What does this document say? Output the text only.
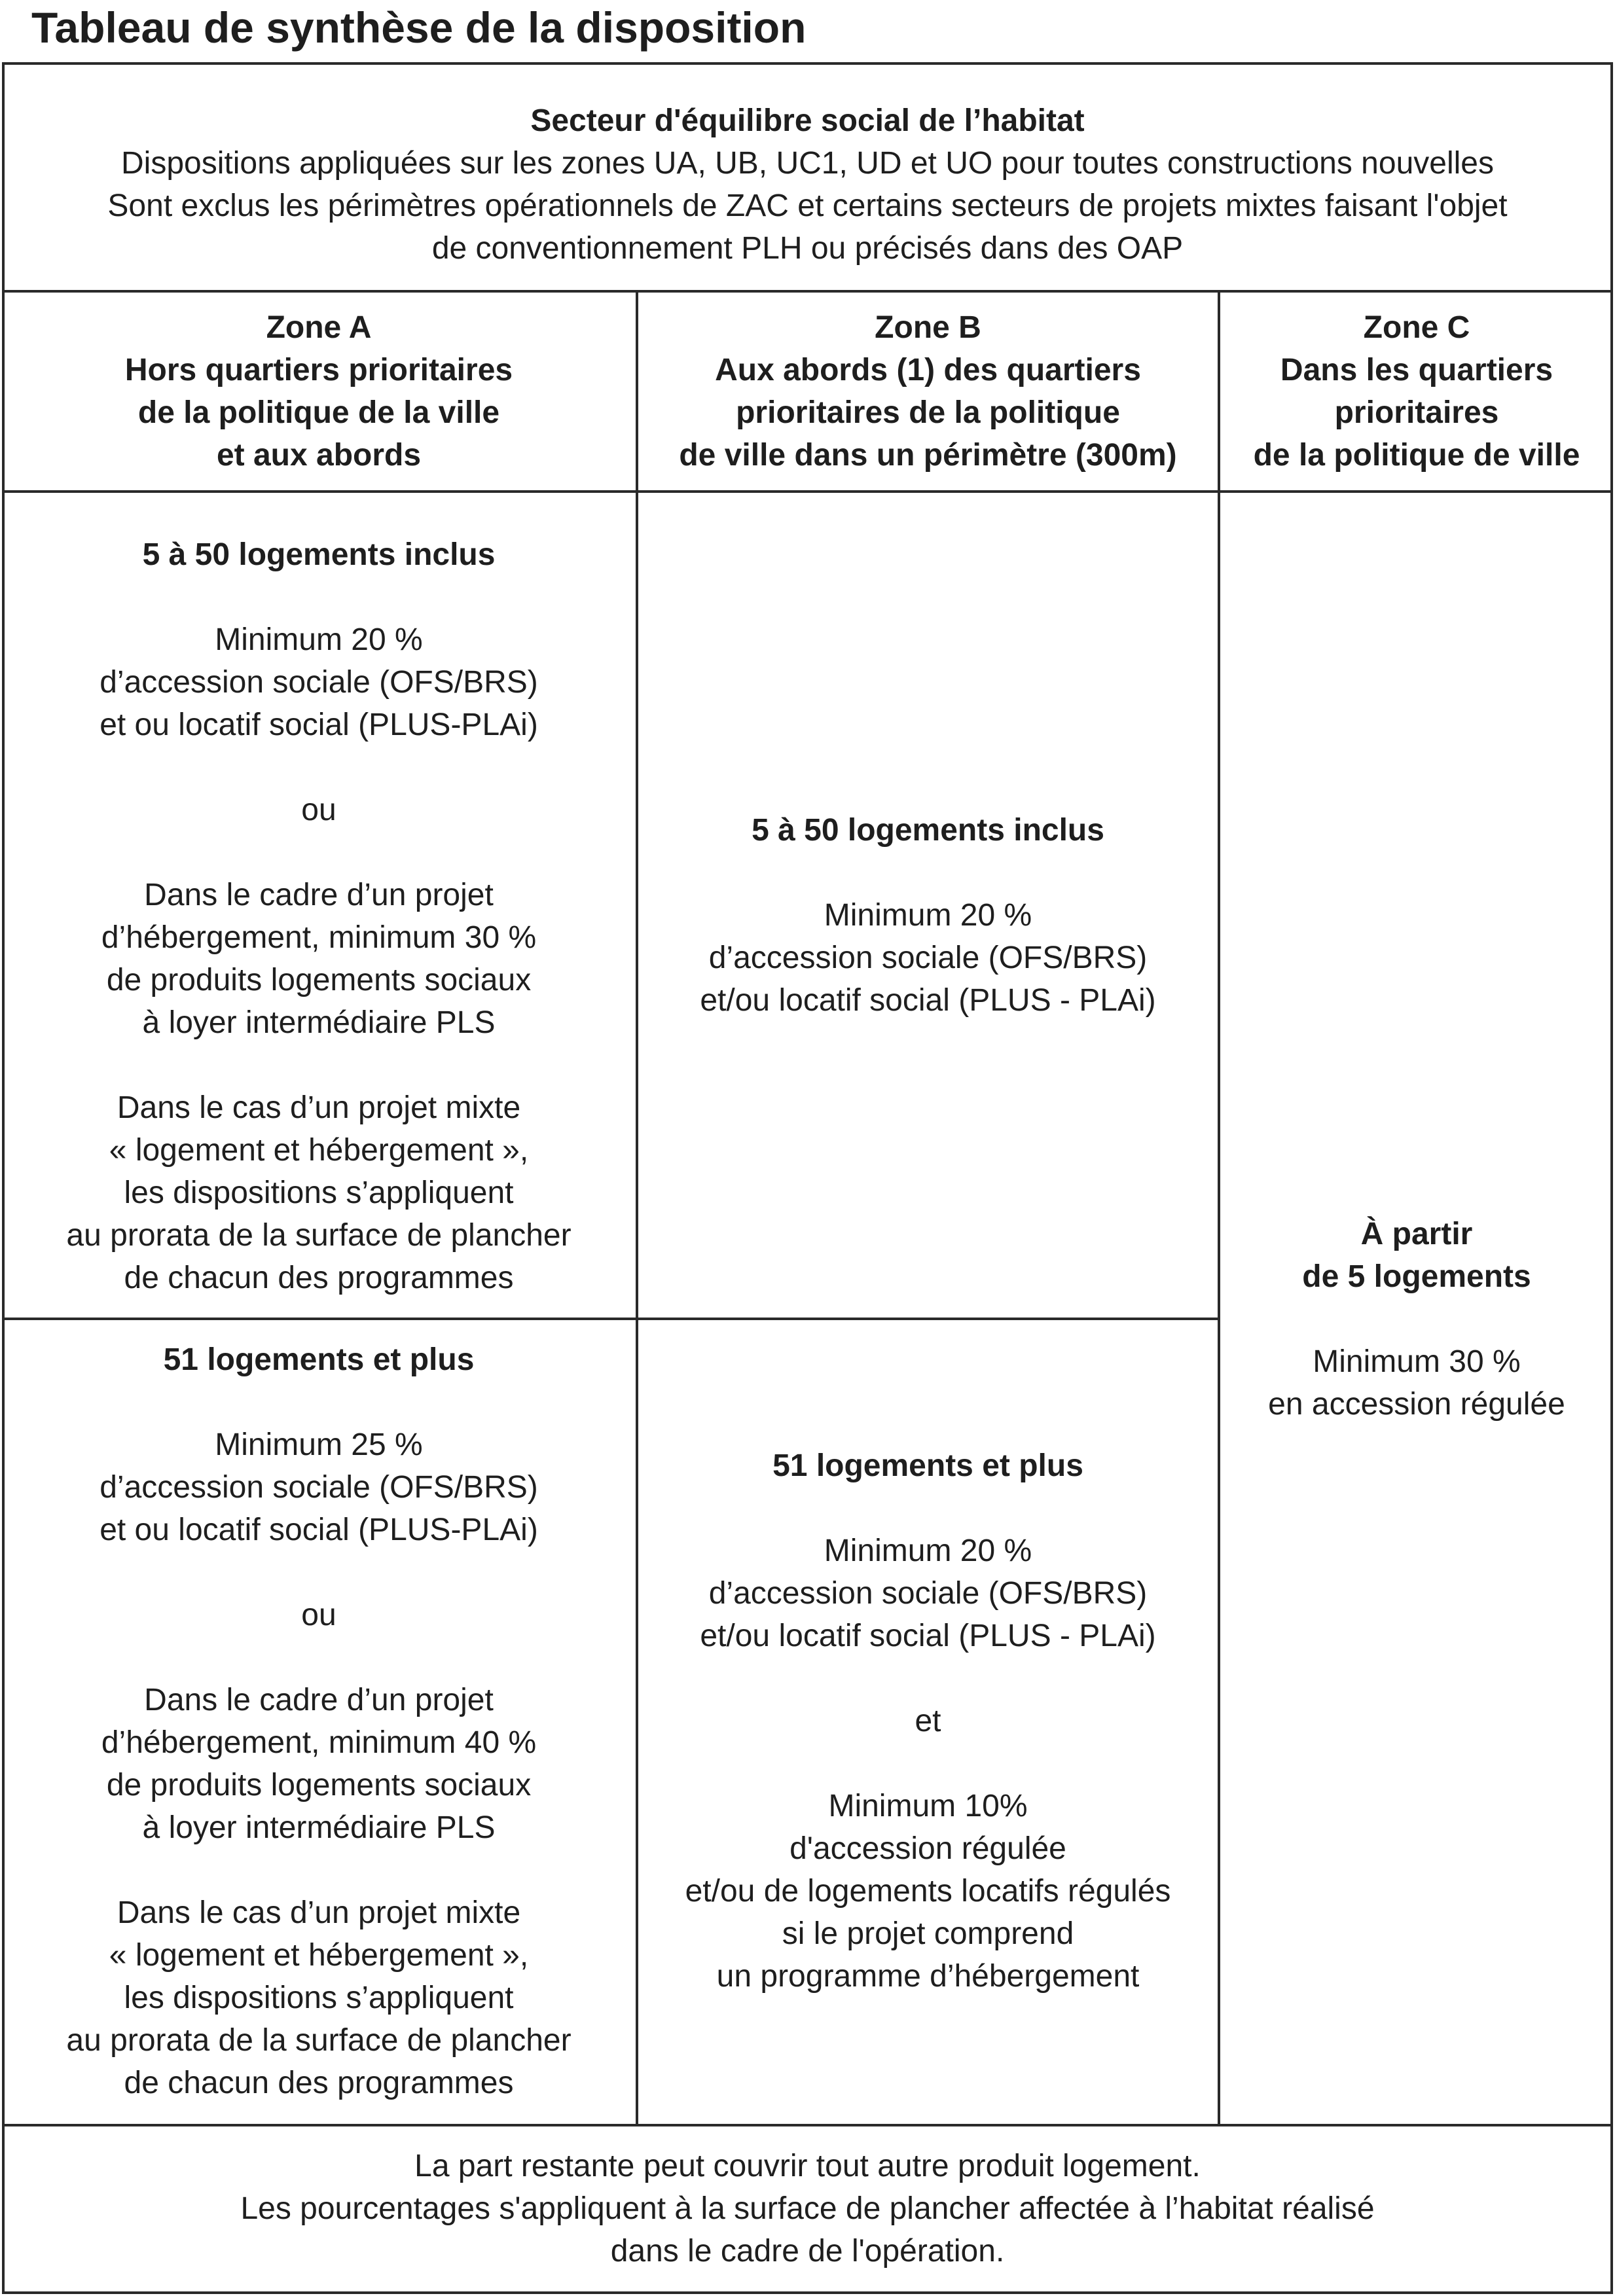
Tableau de synthèse de la disposition
Secteur d'équilibre social de l’habitat
Dispositions appliquées sur les zones UA, UB, UC1, UD et UO pour toutes constructions nouvelles
Sont exclus les périmètres opérationnels de ZAC et certains secteurs de projets mixtes faisant l'objet
de conventionnement PLH ou précisés dans des OAP
Zone A
Hors quartiers prioritaires
de la politique de la ville
et aux abords
Zone B
Aux abords (1) des quartiers
prioritaires de la politique
de ville dans un périmètre (300m)
Zone C
Dans les quartiers
prioritaires
de la politique de ville
5 à 50 logements inclus
Minimum 20 %
d’accession sociale (OFS/BRS)
et ou locatif social (PLUS-PLAi)
ou
Dans le cadre d’un projet
d’hébergement, minimum 30 %
de produits logements sociaux
à loyer intermédiaire PLS
Dans le cas d’un projet mixte
« logement et hébergement »,
les dispositions s’appliquent
au prorata de la surface de plancher
de chacun des programmes
51 logements et plus
Minimum 25 %
d’accession sociale (OFS/BRS)
et ou locatif social (PLUS-PLAi)
ou
Dans le cadre d’un projet
d’hébergement, minimum 40 %
de produits logements sociaux
à loyer intermédiaire PLS
Dans le cas d’un projet mixte
« logement et hébergement »,
les dispositions s’appliquent
au prorata de la surface de plancher
de chacun des programmes
5 à 50 logements inclus
Minimum 20 %
d’accession sociale (OFS/BRS)
et/ou locatif social (PLUS - PLAi)
51 logements et plus
Minimum 20 %
d’accession sociale (OFS/BRS)
et/ou locatif social (PLUS - PLAi)
et
Minimum 10%
d'accession régulée
et/ou de logements locatifs régulés
si le projet comprend
un programme d’hébergement
À partir
de 5 logements
Minimum 30 %
en accession régulée
La part restante peut couvrir tout autre produit logement.
Les pourcentages s'appliquent à la surface de plancher affectée à l’habitat réalisé
dans le cadre de l'opération.
